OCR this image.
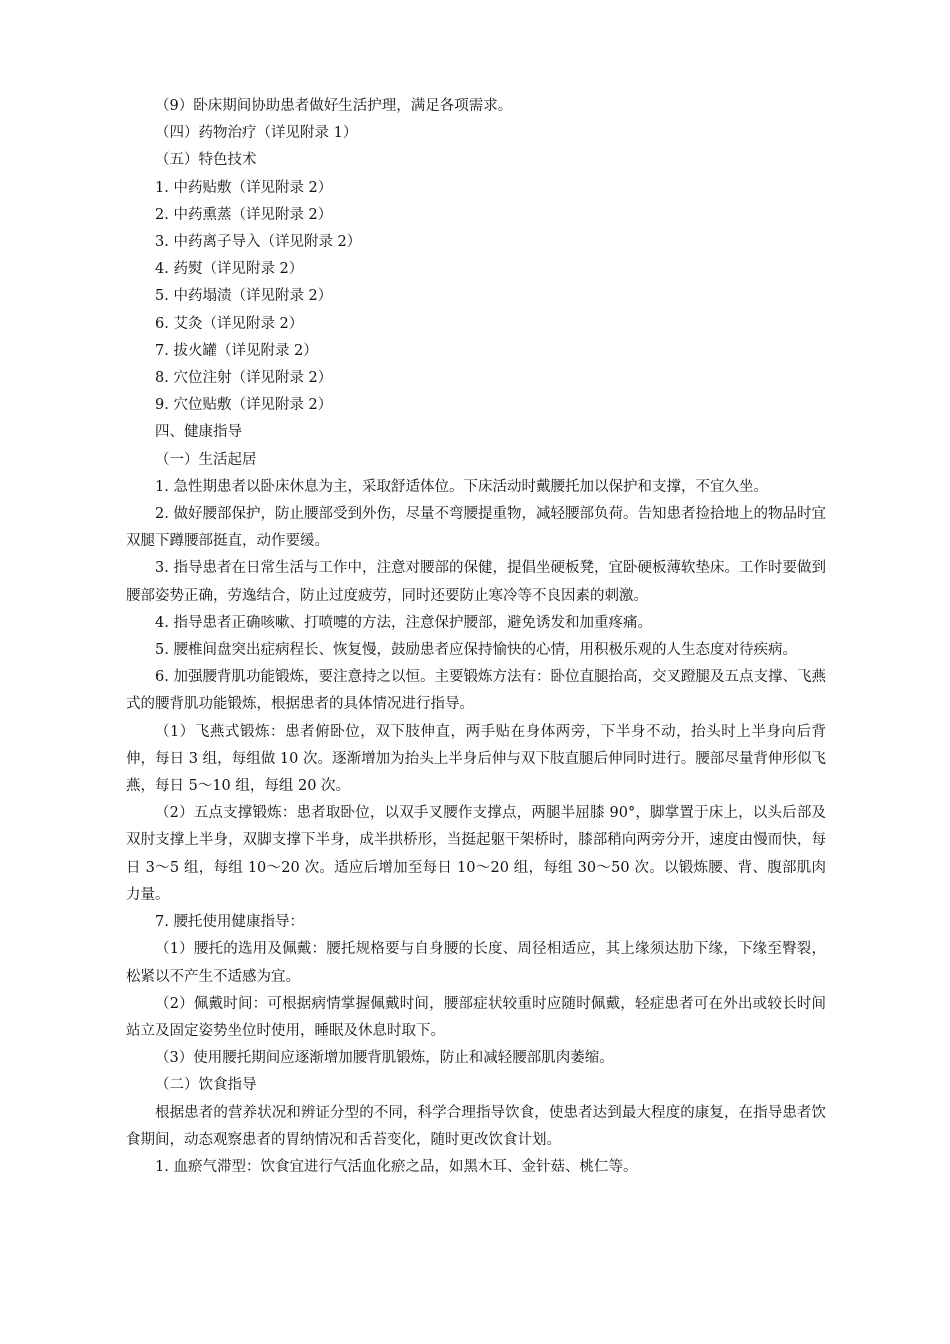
（9）卧床期间协助患者做好生活护理，满足各项需求。

（四）药物治疗（详见附录 1）

（五）特色技术

1. 中药贴敷（详见附录 2）

2. 中药熏蒸（详见附录 2）

3. 中药离子导入（详见附录 2）

4. 药熨（详见附录 2）

5. 中药塌渍（详见附录 2）

6. 艾灸（详见附录 2）

7. 拔火罐（详见附录 2）

8. 穴位注射（详见附录 2）

9. 穴位贴敷（详见附录 2）

四、健康指导

（一）生活起居

1. 急性期患者以卧床休息为主，采取舒适体位。下床活动时戴腰托加以保护和支撑，不宜久坐。

2. 做好腰部保护，防止腰部受到外伤，尽量不弯腰提重物，减轻腰部负荷。告知患者捡拾地上的物品时宜双腿下蹲腰部挺直，动作要缓。

3. 指导患者在日常生活与工作中，注意对腰部的保健，提倡坐硬板凳，宜卧硬板薄软垫床。工作时要做到腰部姿势正确，劳逸结合，防止过度疲劳，同时还要防止寒冷等不良因素的刺激。

4. 指导患者正确咳嗽、打喷嚏的方法，注意保护腰部，避免诱发和加重疼痛。

5. 腰椎间盘突出症病程长、恢复慢，鼓励患者应保持愉快的心情，用积极乐观的人生态度对待疾病。

6. 加强腰背肌功能锻炼，要注意持之以恒。主要锻炼方法有：卧位直腿抬高，交叉蹬腿及五点支撑、飞燕式的腰背肌功能锻炼，根据患者的具体情况进行指导。

（1）飞燕式锻炼：患者俯卧位，双下肢伸直，两手贴在身体两旁，下半身不动，抬头时上半身向后背伸，每日 3 组，每组做 10 次。逐渐增加为抬头上半身后伸与双下肢直腿后伸同时进行。腰部尽量背伸形似飞燕，每日 5～10 组，每组 20 次。

（2）五点支撑锻炼：患者取卧位，以双手叉腰作支撑点，两腿半屈膝 90°，脚掌置于床上，以头后部及双肘支撑上半身，双脚支撑下半身，成半拱桥形，当挺起躯干架桥时，膝部稍向两旁分开，速度由慢而快，每日 3～5 组，每组 10～20 次。适应后增加至每日 10～20 组，每组 30～50 次。以锻炼腰、背、腹部肌肉力量。

7. 腰托使用健康指导：

（1）腰托的选用及佩戴：腰托规格要与自身腰的长度、周径相适应，其上缘须达肋下缘，下缘至臀裂，松紧以不产生不适感为宜。

（2）佩戴时间：可根据病情掌握佩戴时间，腰部症状较重时应随时佩戴，轻症患者可在外出或较长时间站立及固定姿势坐位时使用，睡眠及休息时取下。

（3）使用腰托期间应逐渐增加腰背肌锻炼，防止和减轻腰部肌肉萎缩。

（二）饮食指导

根据患者的营养状况和辨证分型的不同，科学合理指导饮食，使患者达到最大程度的康复，在指导患者饮食期间，动态观察患者的胃纳情况和舌苔变化，随时更改饮食计划。

1. 血瘀气滞型：饮食宜进行气活血化瘀之品，如黑木耳、金针菇、桃仁等。
